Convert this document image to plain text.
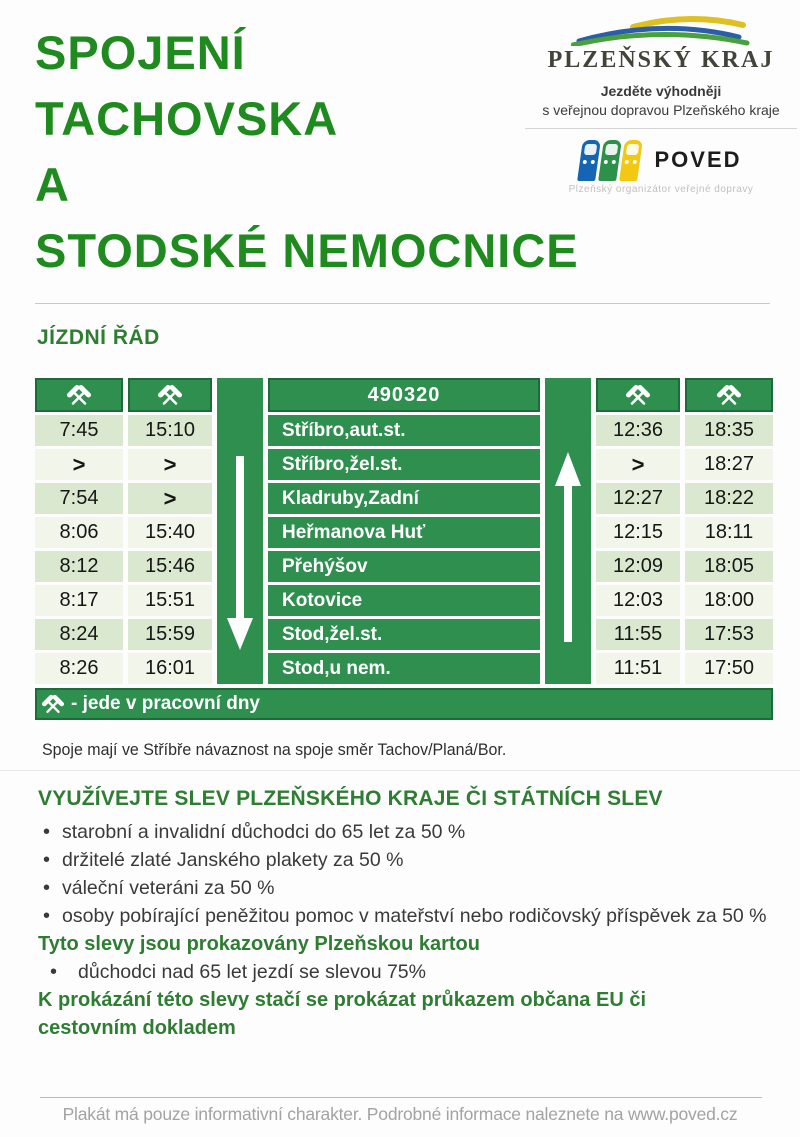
SPOJENÍ
TACHOVSKA
A
STODSKÉ NEMOCNICE
PLZEŇSKÝ KRAJ
Jezděte výhodněji
s veřejnou dopravou Plzeňského kraje
POVED
Plzeňský organizátor veřejné dopravy
JÍZDNÍ ŘÁD
7:45
>
7:54
8:06
8:12
8:17
8:24
8:26
15:10
>
>
15:40
15:46
15:51
15:59
16:01
490320
Stříbro,aut.st.
Stříbro,žel.st.
Kladruby,Zadní
Heřmanova Huť
Přehýšov
Kotovice
Stod,žel.st.
Stod,u nem.
12:36
>
12:27
12:15
12:09
12:03
11:55
11:51
18:35
18:27
18:22
18:11
18:05
18:00
17:53
17:50
- jede v pracovní dny
Spoje mají ve Stříbře návaznost na spoje směr Tachov/Planá/Bor.
VYUŽÍVEJTE SLEV PLZEŇSKÉHO KRAJE ČI STÁTNÍCH SLEV
• starobní a invalidní důchodci do 65 let za 50 %
• držitelé zlaté Janského plakety za 50 %
• váleční veteráni za 50 %
• osoby pobírající peněžitou pomoc v mateřství nebo rodičovský příspěvek za 50 %
Tyto slevy jsou prokazovány Plzeňskou kartou
• důchodci nad 65 let jezdí se slevou 75%
K prokázání této slevy stačí se prokázat průkazem občana EU či cestovním dokladem
Plakát má pouze informativní charakter. Podrobné informace naleznete na www.poved.cz
